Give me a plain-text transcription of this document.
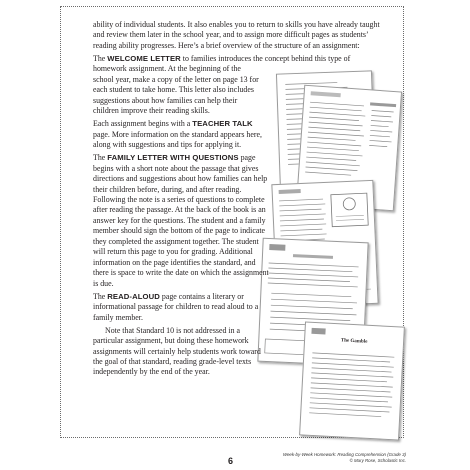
ability of individual students. It also enables you to return to skills you have already taught and review them later in the school year, and to assign more difficult pages as students’ reading ability progresses. Here’s a brief overview of the structure of an assignment:

The WELCOME LETTER to families introduces the concept behind this type of homework assignment. At the beginning of the

school year, make a copy of the letter on page 13 for each student to take home. This letter also includes suggestions about how families can help their children improve their reading skills.

Each assignment begins with a TEACHER TALK page. More information on the standard appears here, along with suggestions and tips for applying it.

The FAMILY LETTER WITH QUESTIONS page begins with a short note about the passage that gives directions and suggestions about how families can help their children before, during, and after reading. Following the note is a series of questions to complete after reading the passage. At the back of the book is an answer key for the questions. The student and a family member should sign the bottom of the page to indicate they completed the assignment together. The student will return this page to you for grading. Additional information on the page identifies the standard, and there is space to write the date on which the assignment is due.

The READ-ALOUD page contains a literary or informational passage for children to read aloud to a family member.

Note that Standard 10 is not addressed in a particular assignment, but doing these homework assignments will certainly help students work toward the goal of that standard, reading grade-level texts independently by the end of the year.

The Gamble
6
Week-by-Week Homework: Reading Comprehension (Grade 3)
© Mary Rose, Scholastic Inc.
